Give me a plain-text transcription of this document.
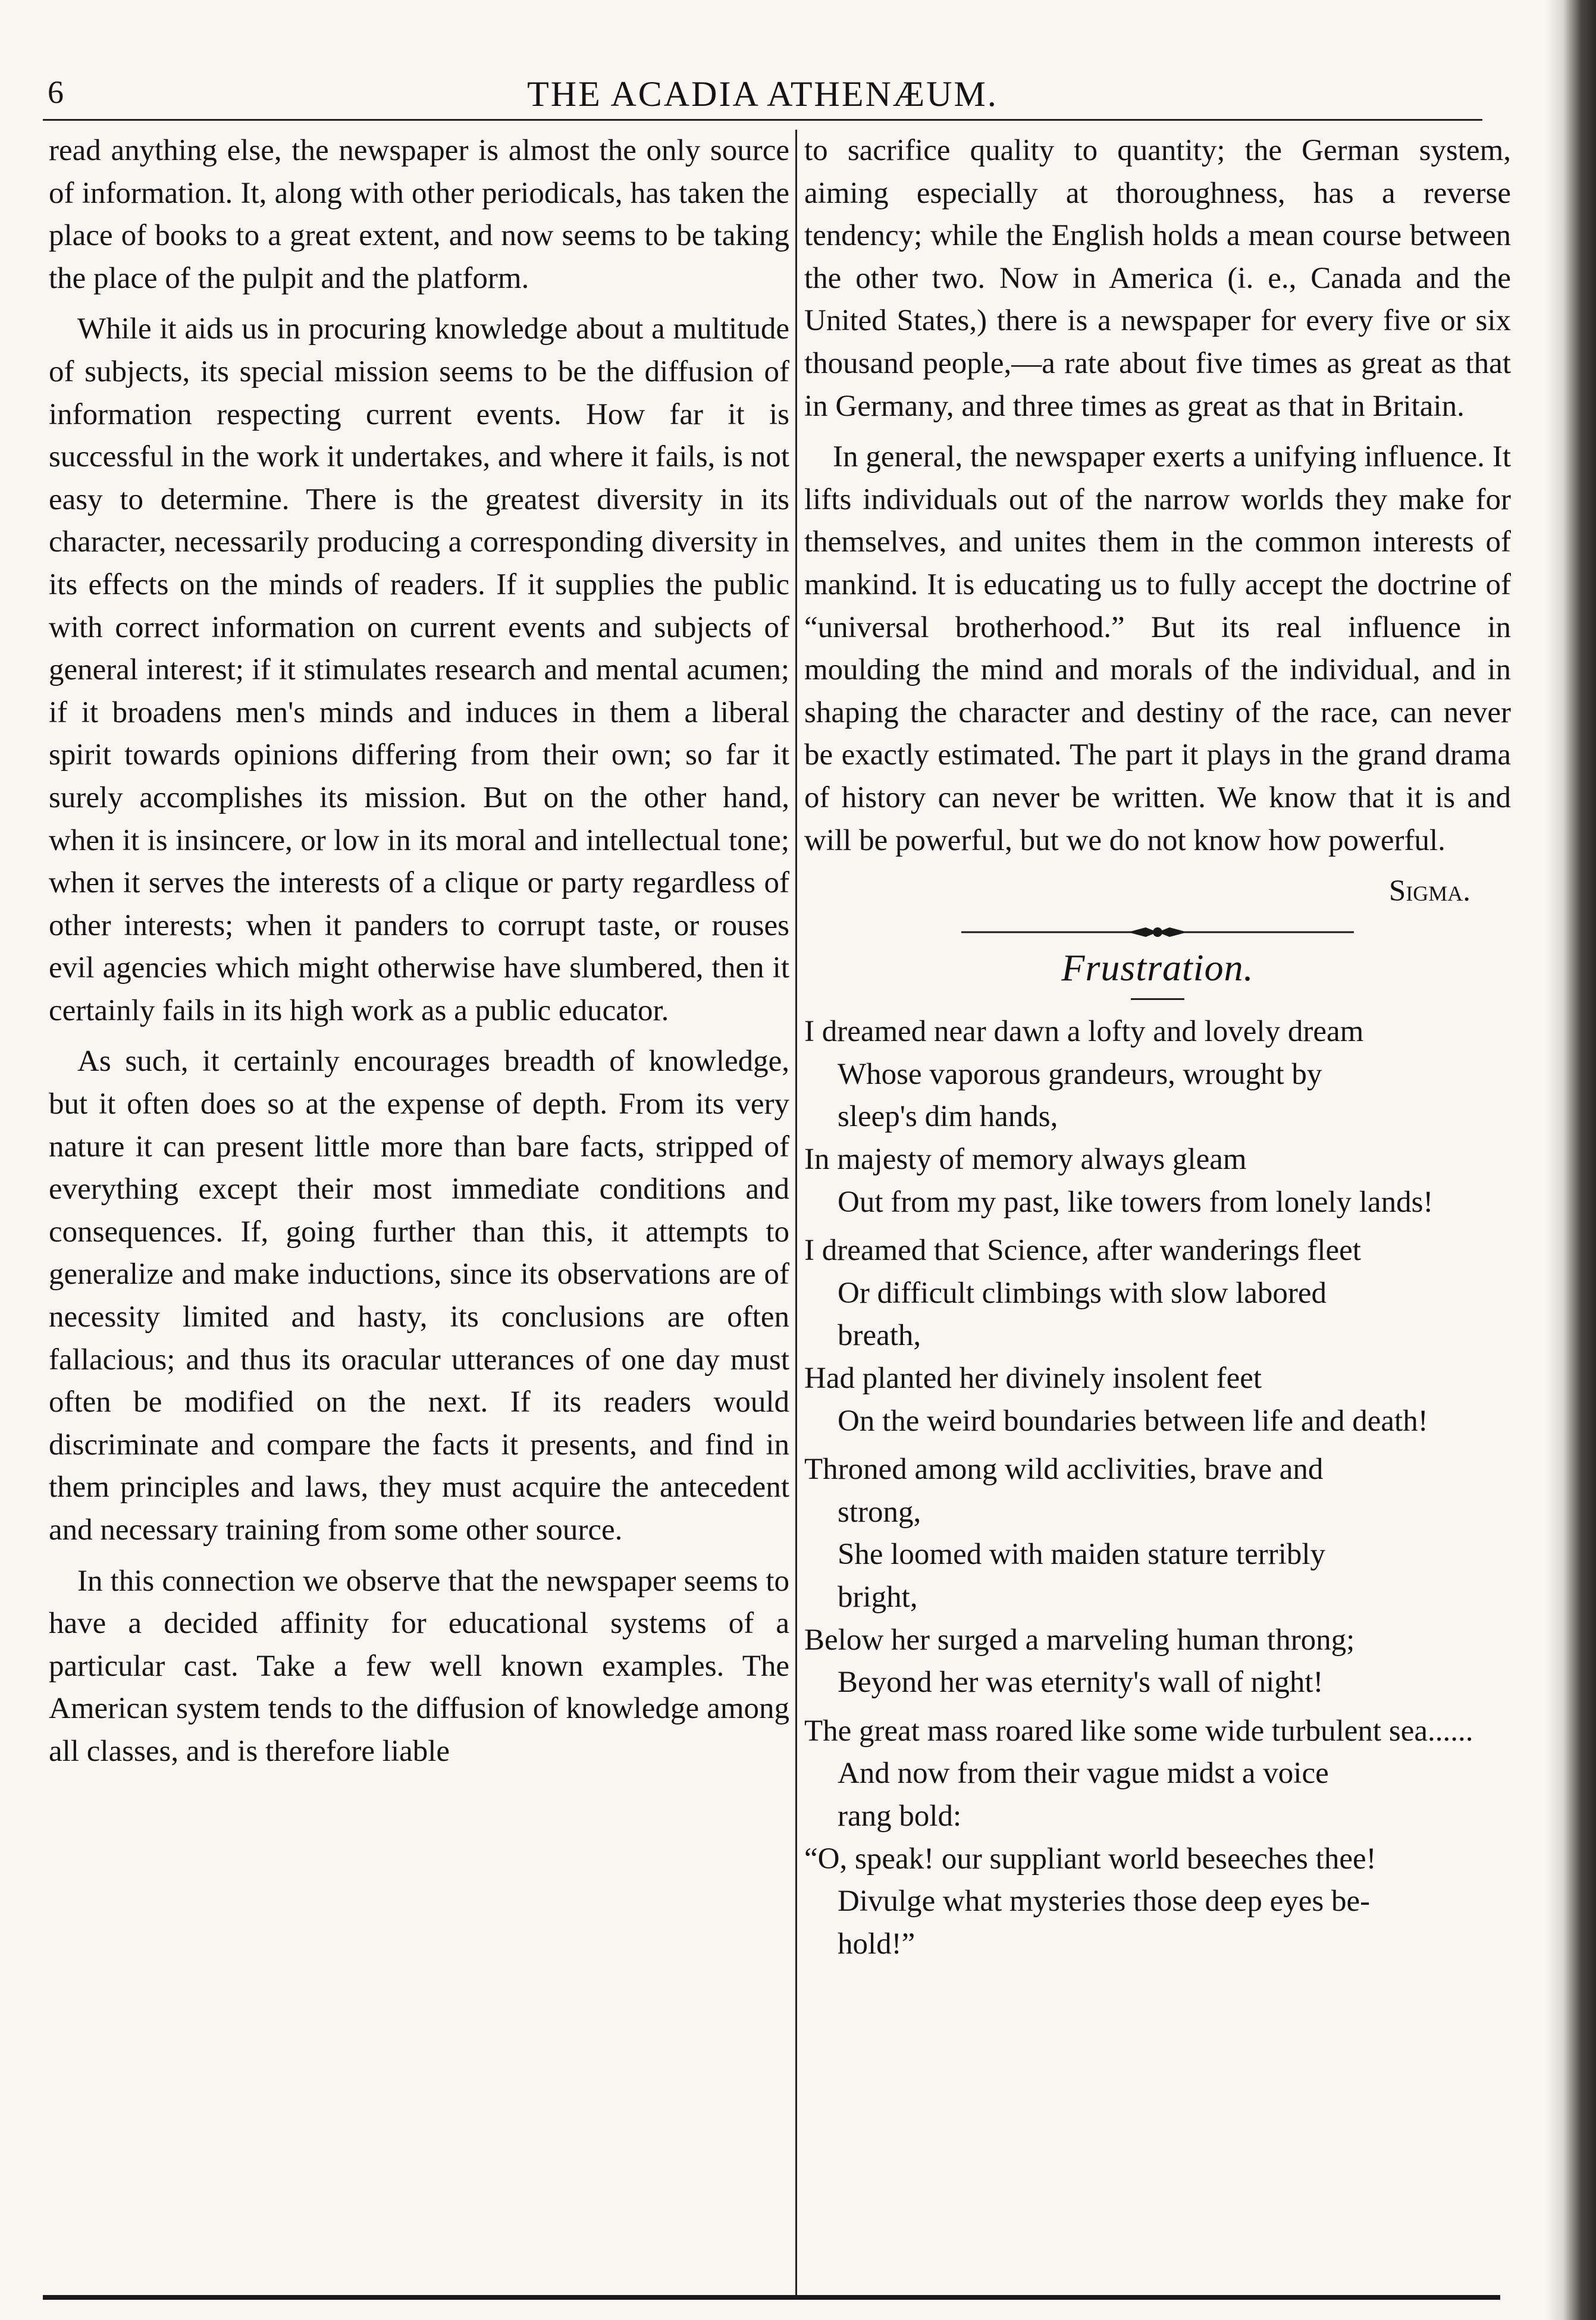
6	THE ACADIA ATHENÆUM.

read anything else, the newspaper is almost the only source of information. It, along with other periodicals, has taken the place of books to a great extent, and now seems to be taking the place of the pulpit and the platform.

While it aids us in procuring knowledge about a multitude of subjects, its special mission seems to be the diffusion of information respecting current events. How far it is successful in the work it undertakes, and where it fails, is not easy to determine. There is the greatest diversity in its character, necessarily producing a corresponding diversity in its effects on the minds of readers. If it supplies the public with correct information on current events and subjects of general interest; if it stimulates research and mental acumen; if it broadens men's minds and induces in them a liberal spirit towards opinions differing from their own; so far it surely accomplishes its mission. But on the other hand, when it is insincere, or low in its moral and intellectual tone; when it serves the interests of a clique or party regardless of other interests; when it panders to corrupt taste, or rouses evil agencies which might otherwise have slumbered, then it certainly fails in its high work as a public educator.

As such, it certainly encourages breadth of knowledge, but it often does so at the expense of depth. From its very nature it can present little more than bare facts, stripped of everything except their most immediate conditions and consequences. If, going further than this, it attempts to generalize and make inductions, since its observations are of necessity limited and hasty, its conclusions are often fallacious; and thus its oracular utterances of one day must often be modified on the next. If its readers would discriminate and compare the facts it presents, and find in them principles and laws, they must acquire the antecedent and necessary training from some other source.

In this connection we observe that the newspaper seems to have a decided affinity for educational systems of a particular cast. Take a few well known examples. The American system tends to the diffusion of knowledge among all classes, and is therefore liable

to sacrifice quality to quantity; the German system, aiming especially at thoroughness, has a reverse tendency; while the English holds a mean course between the other two. Now in America (i. e., Canada and the United States,) there is a newspaper for every five or six thousand people,—a rate about five times as great as that in Germany, and three times as great as that in Britain.

In general, the newspaper exerts a unifying influence. It lifts individuals out of the narrow worlds they make for themselves, and unites them in the common interests of mankind. It is educating us to fully accept the doctrine of “universal brotherhood.” But its real influence in moulding the mind and morals of the individual, and in shaping the character and destiny of the race, can never be exactly estimated. The part it plays in the grand drama of history can never be written. We know that it is and will be powerful, but we do not know how powerful.

Sigma.

Frustration.
I dreamed near dawn a lofty and lovely dream
Whose vaporous grandeurs, wrought by
sleep's dim hands,
In majesty of memory always gleam
Out from my past, like towers from lonely lands!
I dreamed that Science, after wanderings fleet
Or difficult climbings with slow labored
breath,
Had planted her divinely insolent feet
On the weird boundaries between life and death!
Throned among wild acclivities, brave and
strong,
She loomed with maiden stature terribly
bright,
Below her surged a marveling human throng;
Beyond her was eternity's wall of night!
The great mass roared like some wide turbulent sea......
And now from their vague midst a voice
rang bold:
“O, speak! our suppliant world beseeches thee!
Divulge what mysteries those deep eyes be-
hold!”
